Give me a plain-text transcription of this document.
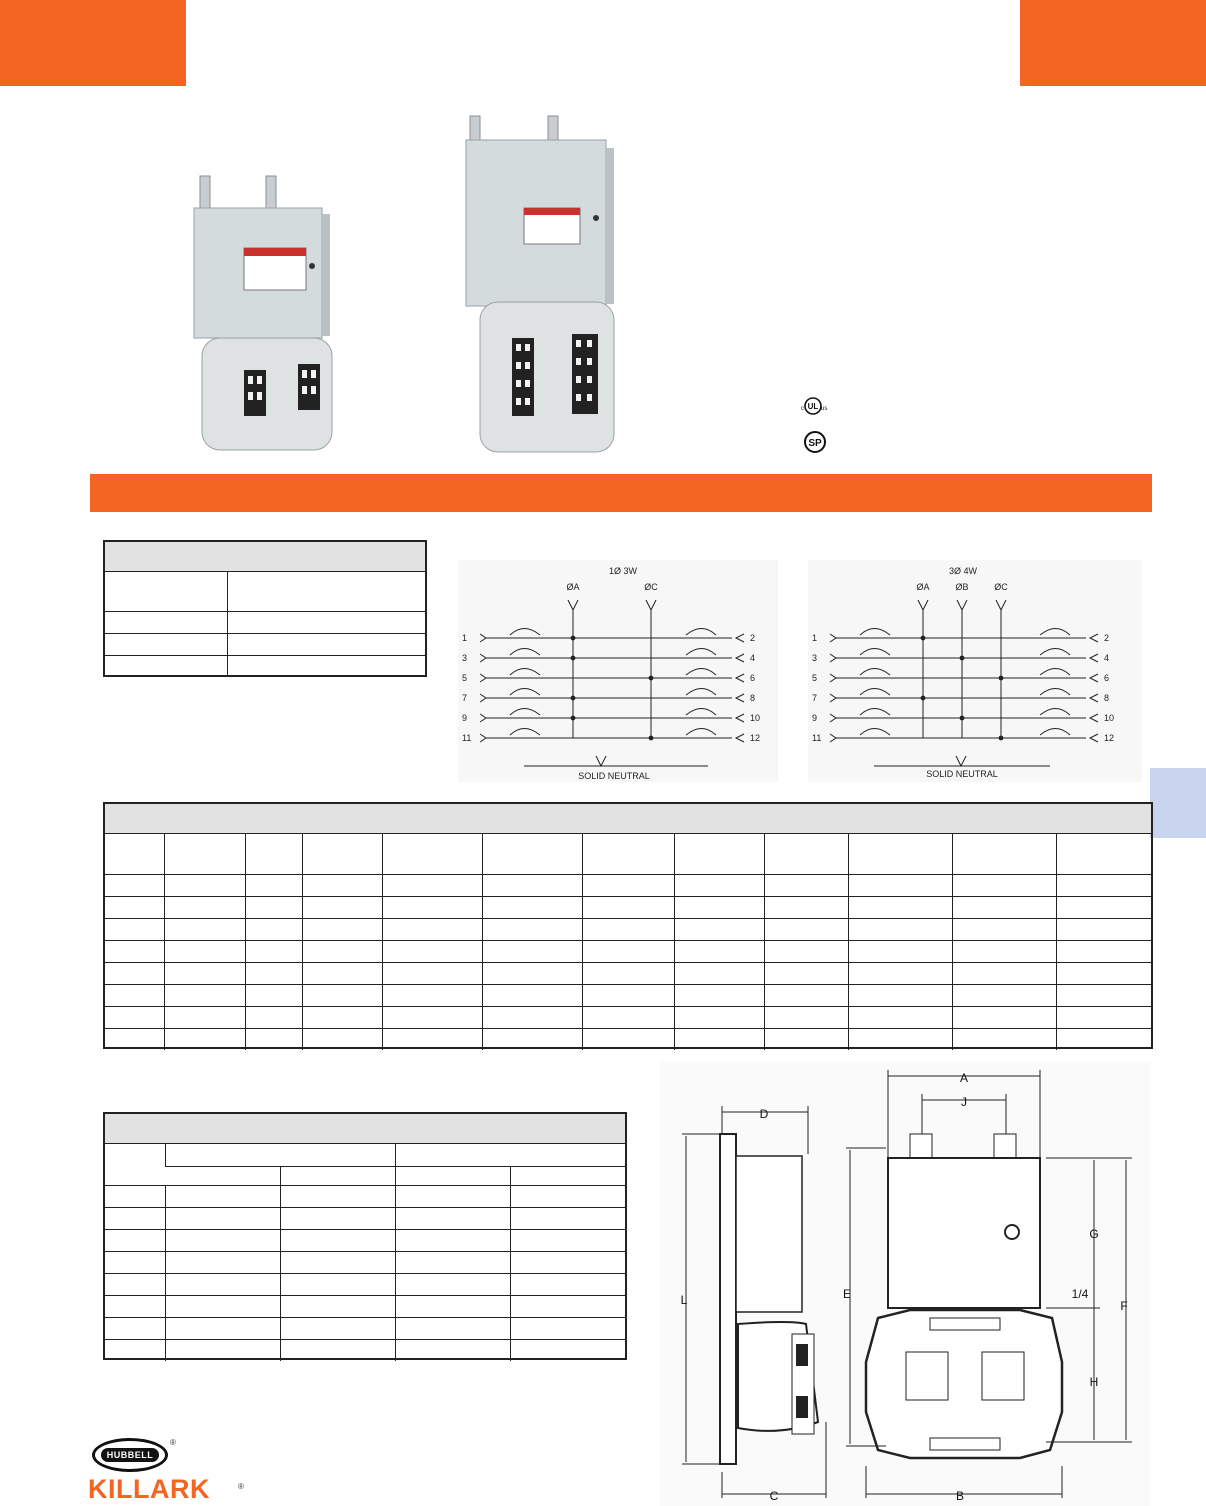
UL
c	us
SP

1Ø 3W
ØA	ØC
1	2
3	4
5	6
7	8
9	10
11	12
SOLID NEUTRAL
3Ø 4W
ØA	ØB	ØC
1	2
3	4
5	6
7	8
9	10
11	12
SOLID NEUTRAL

D
L
C
A
J
E
G
H
F
1/4
B
HUBBELL
®
KILLARK	®
